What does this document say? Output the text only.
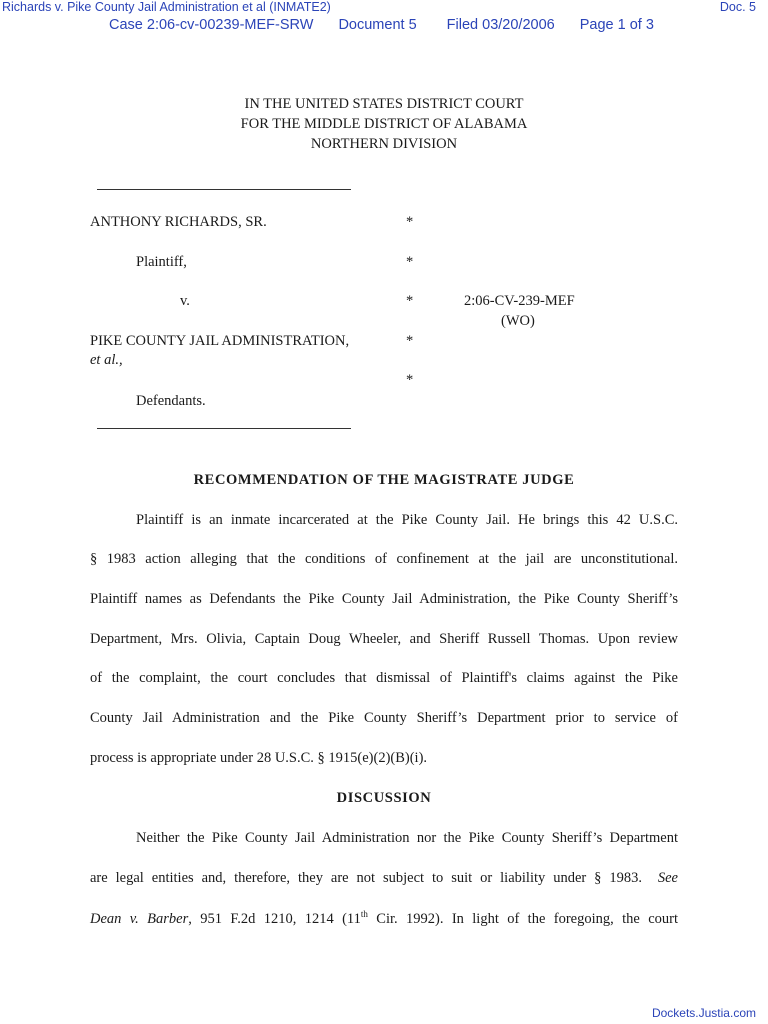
Richards v. Pike County Jail Administration et al (INMATE2)	Doc. 5
Case 2:06-cv-00239-MEF-SRW Document 5 Filed 03/20/2006 Page 1 of 3
IN THE UNITED STATES DISTRICT COURT
FOR THE MIDDLE DISTRICT OF ALABAMA
NORTHERN DIVISION
ANTHONY RICHARDS, SR.
Plaintiff,
v.
PIKE COUNTY JAIL ADMINISTRATION,
et al.,
Defendants.
*
*
*
*
*
2:06-CV-239-MEF
(WO)
RECOMMENDATION OF THE MAGISTRATE JUDGE
Plaintiff is an inmate incarcerated at the Pike County Jail. He brings this 42 U.S.C.
§ 1983 action alleging that the conditions of confinement at the jail are unconstitutional.
Plaintiff names as Defendants the Pike County Jail Administration, the Pike County Sheriff’s
Department, Mrs. Olivia, Captain Doug Wheeler, and Sheriff Russell Thomas. Upon review
of the complaint, the court concludes that dismissal of Plaintiff's claims against the Pike
County Jail Administration and the Pike County Sheriff’s Department prior to service of
process is appropriate under 28 U.S.C. § 1915(e)(2)(B)(i).
DISCUSSION
Neither the Pike County Jail Administration nor the Pike County Sheriff’s Department
are legal entities and, therefore, they are not subject to suit or liability under § 1983. See
Dean v. Barber, 951 F.2d 1210, 1214 (11th Cir. 1992). In light of the foregoing, the court
Dockets.Justia.com
